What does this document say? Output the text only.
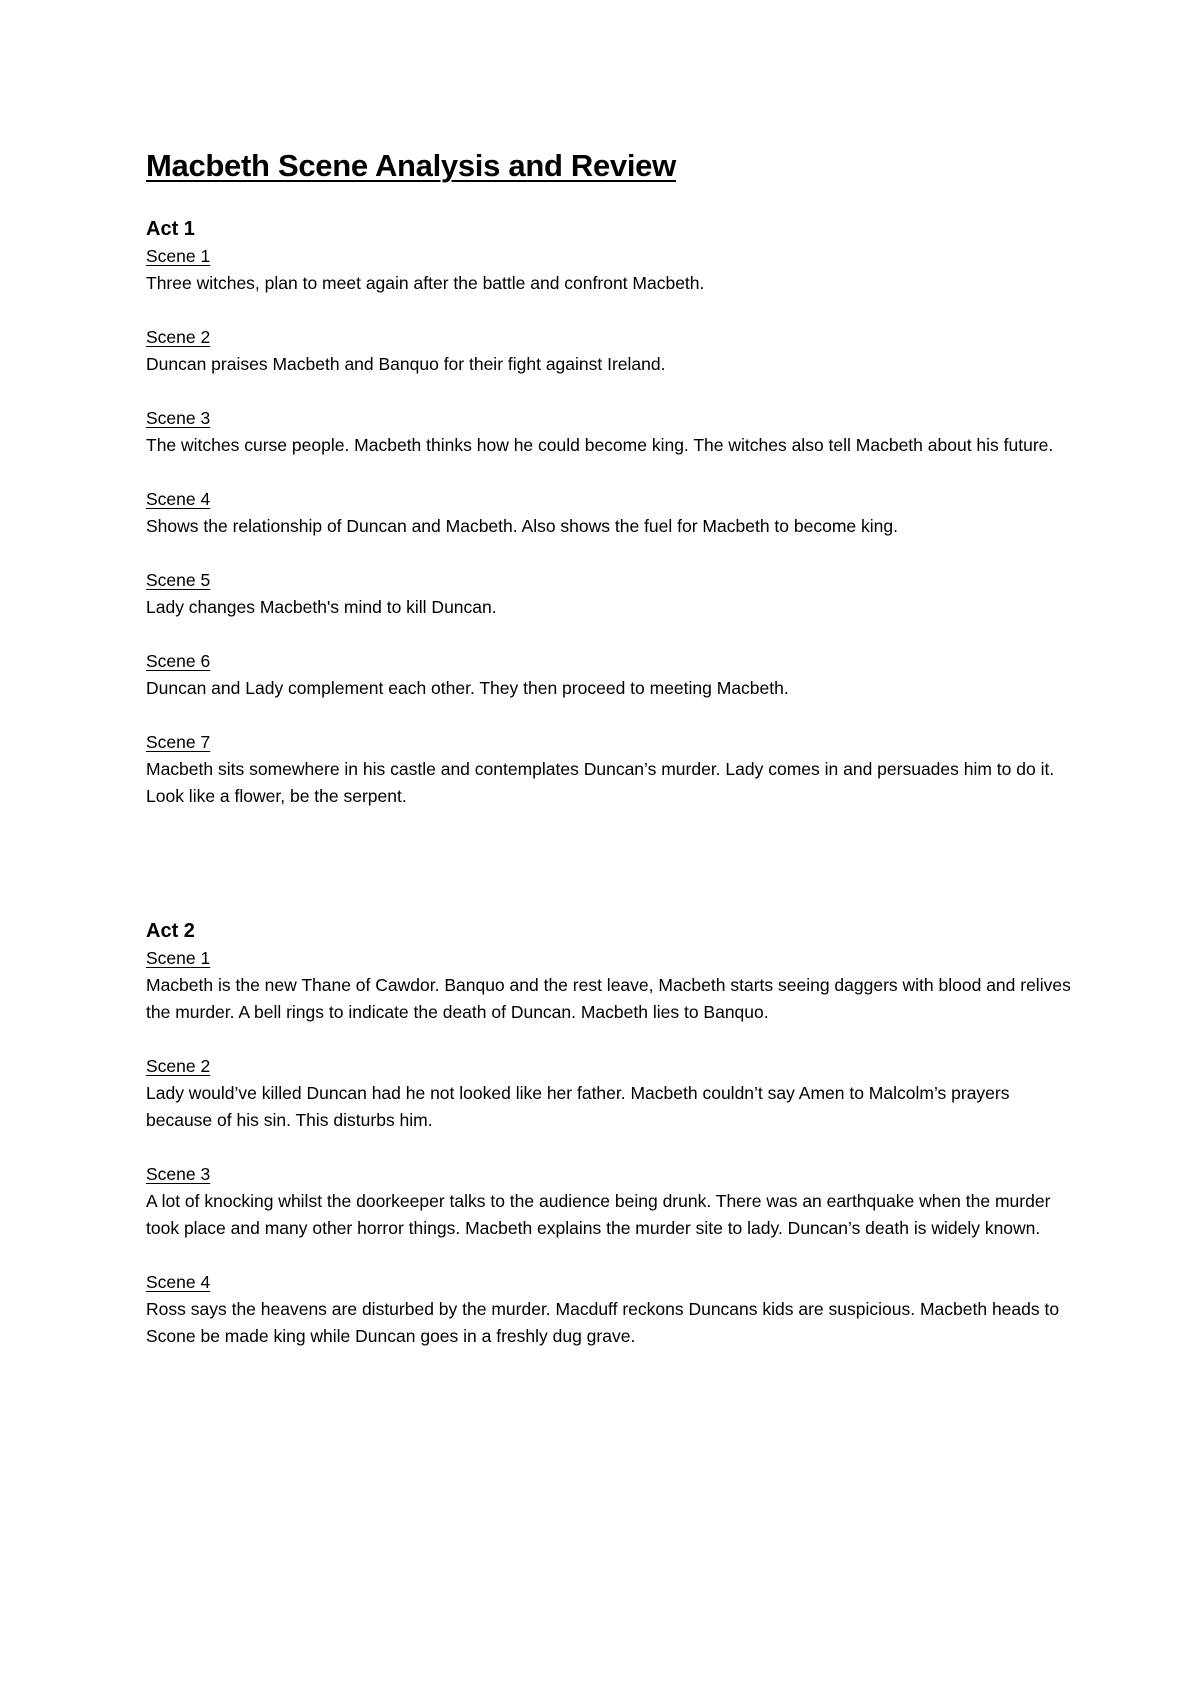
Macbeth Scene Analysis and Review
Act 1
Scene 1

Three witches, plan to meet again after the battle and confront Macbeth.

Scene 2

Duncan praises Macbeth and Banquo for their fight against Ireland.

Scene 3

The witches curse people. Macbeth thinks how he could become king. The witches also tell Macbeth about his future.

Scene 4

Shows the relationship of Duncan and Macbeth. Also shows the fuel for Macbeth to become king.

Scene 5

Lady changes Macbeth's mind to kill Duncan.

Scene 6

Duncan and Lady complement each other. They then proceed to meeting Macbeth.

Scene 7

Macbeth sits somewhere in his castle and contemplates Duncan’s murder. Lady comes in and persuades him to do it. Look like a flower, be the serpent.

Act 2
Scene 1

Macbeth is the new Thane of Cawdor. Banquo and the rest leave, Macbeth starts seeing daggers with blood and relives the murder. A bell rings to indicate the death of Duncan. Macbeth lies to Banquo.

Scene 2

Lady would’ve killed Duncan had he not looked like her father. Macbeth couldn’t say Amen to Malcolm’s prayers because of his sin. This disturbs him.

Scene 3

A lot of knocking whilst the doorkeeper talks to the audience being drunk. There was an earthquake when the murder took place and many other horror things. Macbeth explains the murder site to lady. Duncan’s death is widely known.

Scene 4

Ross says the heavens are disturbed by the murder. Macduff reckons Duncans kids are suspicious. Macbeth heads to Scone be made king while Duncan goes in a freshly dug grave.
